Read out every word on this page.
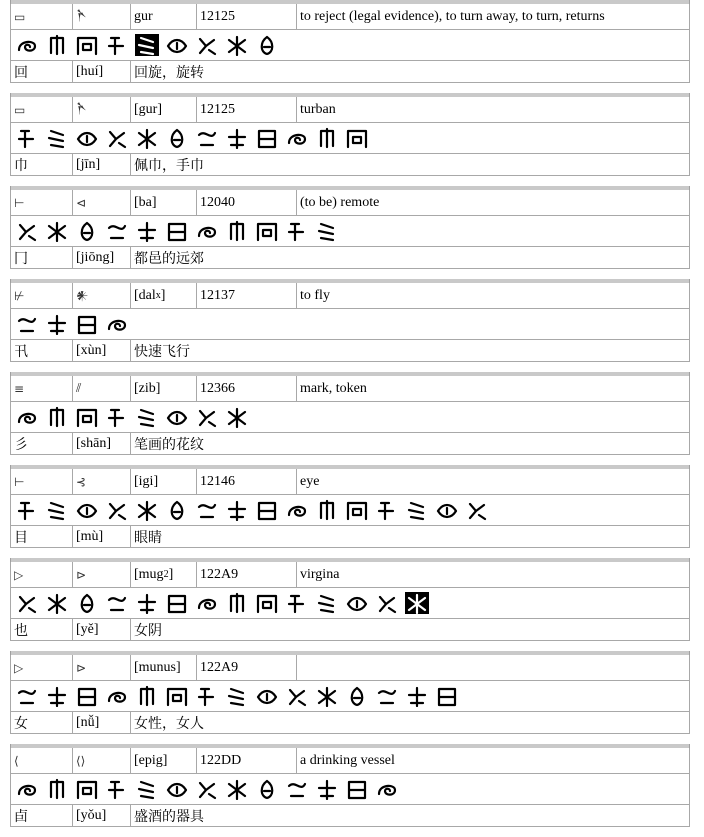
▭	𒋻	gur	12125	to reject (legal evidence), to turn away, to turn, returns
回	[huí] 回旋，旋转
▭	𒋻	[gur]	12125	turban
巾	[jīn] 佩巾，手巾
⊢	⊲	[ba]	12040	(to be) remote
冂	[jiōng] 都邑的远郊
⊬	𒀭	[dal x ] 12137	to fly
卂	[xùn] 快速飞行
≡	⫽	[zib]	12366	mark, token
彡	[shān] 笔画的花纹
⊢	⊰	[igi]	12146	eye
目	[mù] 眼睛
▷	⊳	[mug 2 ] 122A9	virgina
也	[yě]	女阴
▷	⊳	[munus] 122A9
女	[nǚ] 女性，女人
⟨	⟨⟩	[epig] 122DD	a drinking vessel
卣	[yǒu] 盛酒的器具
